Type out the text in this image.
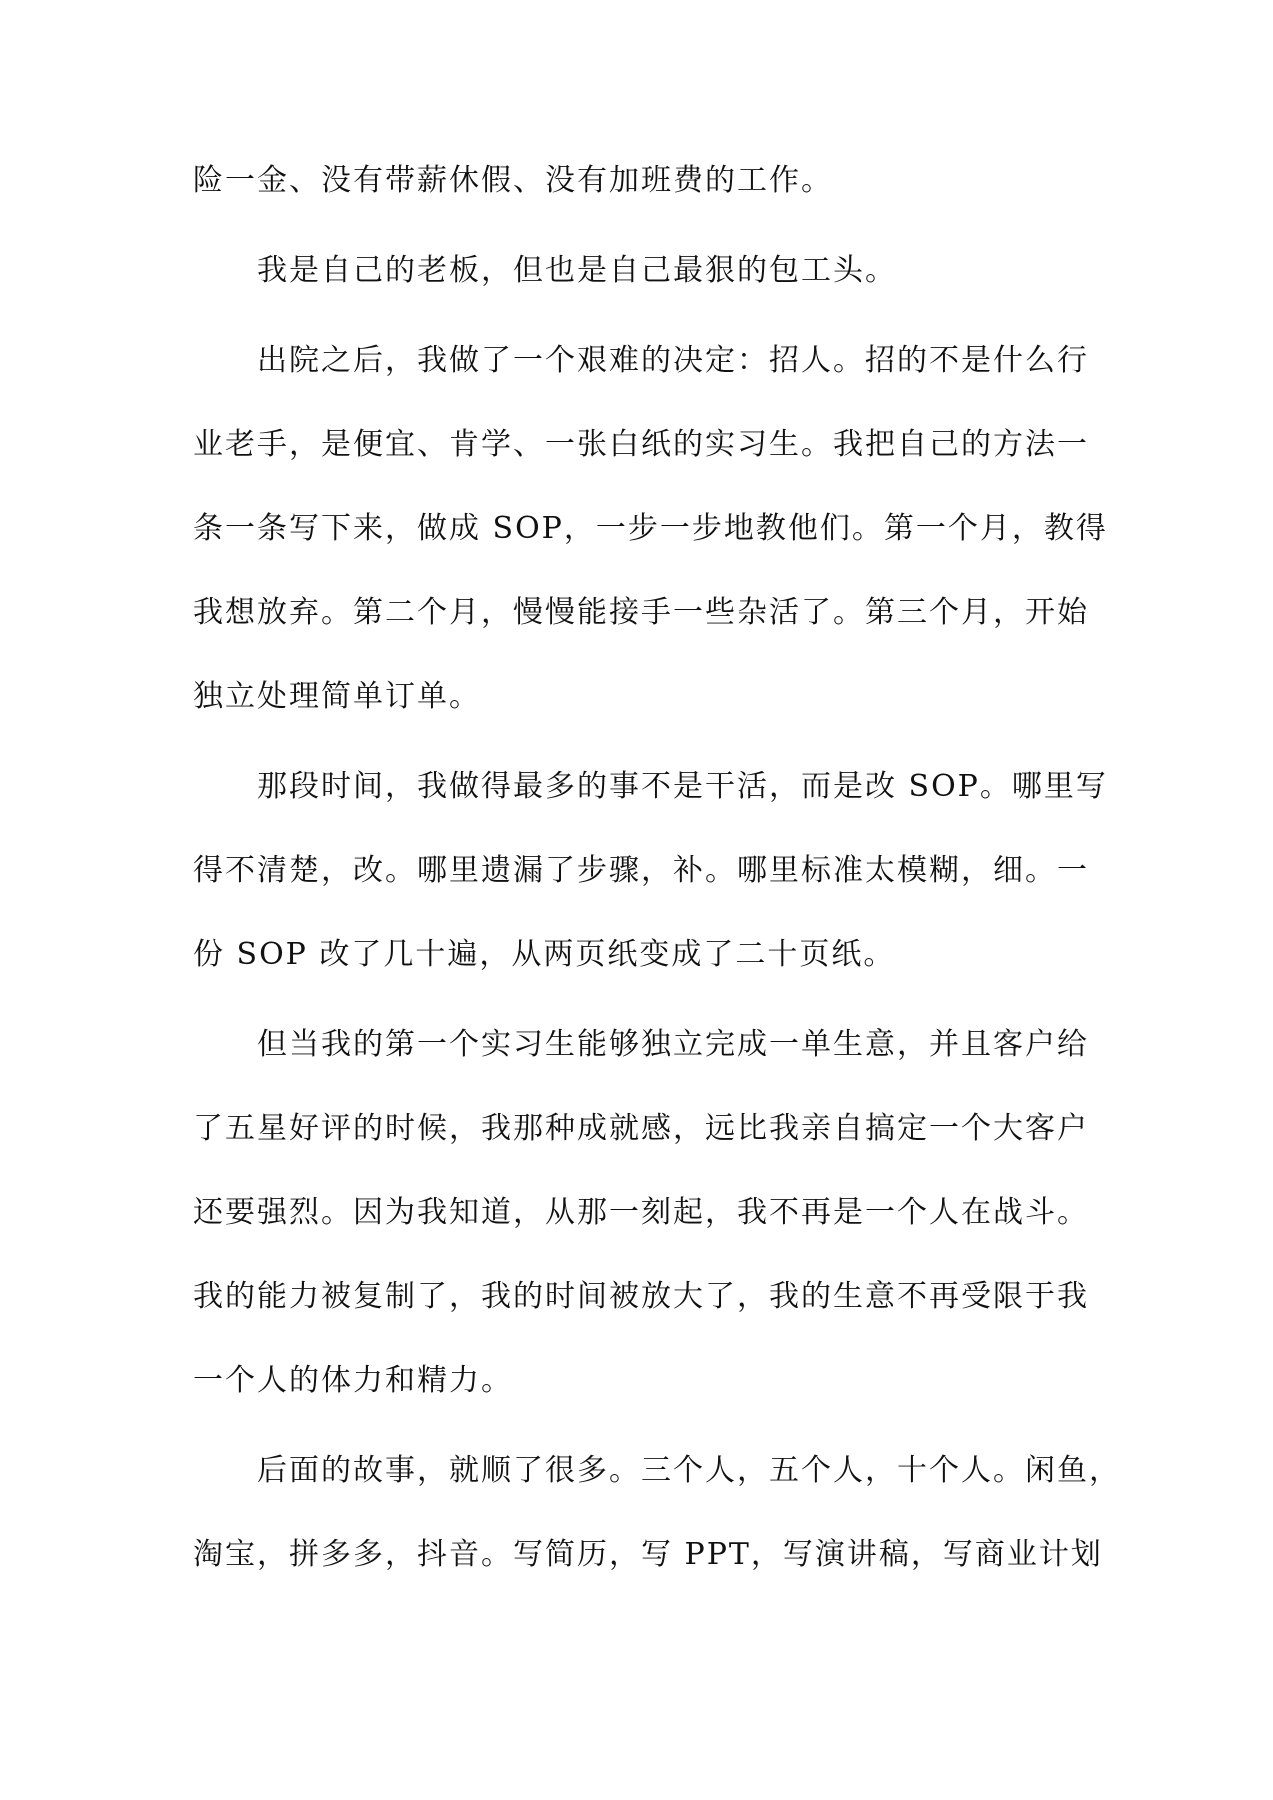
险一金、没有带薪休假、没有加班费的工作。
我是自己的老板，但也是自己最狠的包工头。
出院之后，我做了一个艰难的决定：招人。招的不是什么行
业老手，是便宜、肯学、一张白纸的实习生。我把自己的方法一
条一条写下来，做成 SOP，一步一步地教他们。第一个月，教得
我想放弃。第二个月，慢慢能接手一些杂活了。第三个月，开始
独立处理简单订单。
那段时间，我做得最多的事不是干活，而是改 SOP。哪里写
得不清楚，改。哪里遗漏了步骤，补。哪里标准太模糊，细。一
份 SOP 改了几十遍，从两页纸变成了二十页纸。
但当我的第一个实习生能够独立完成一单生意，并且客户给
了五星好评的时候，我那种成就感，远比我亲自搞定一个大客户
还要强烈。因为我知道，从那一刻起，我不再是一个人在战斗。
我的能力被复制了，我的时间被放大了，我的生意不再受限于我
一个人的体力和精力。
后面的故事，就顺了很多。三个人，五个人，十个人。闲鱼，
淘宝，拼多多，抖音。写简历，写 PPT，写演讲稿，写商业计划
